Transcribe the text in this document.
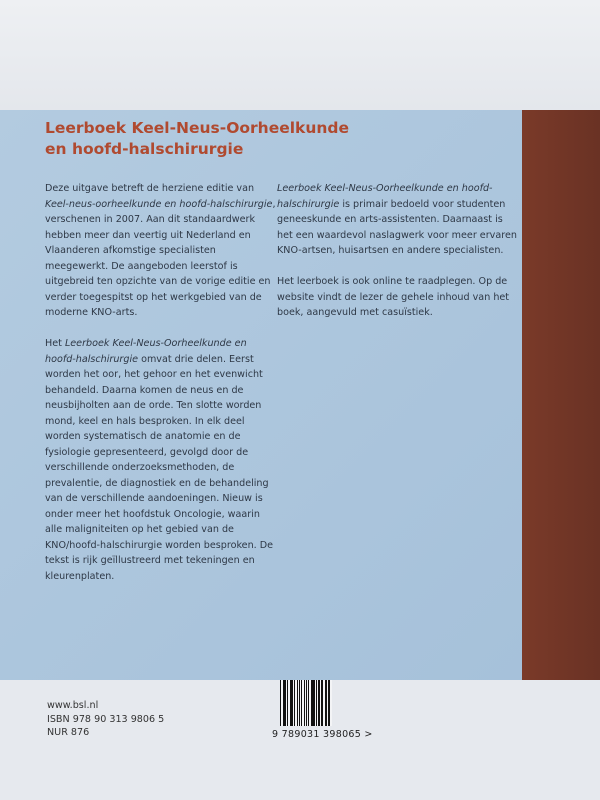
Leerboek Keel-Neus-Oorheelkunde
en hoofd-halschirurgie

Deze uitgave betreft de herziene editie van Keel-neus-oorheelkunde en hoofd-halschirurgie, verschenen in 2007. Aan dit standaardwerk hebben meer dan veertig uit Nederland en Vlaanderen afkomstige specialisten meegewerkt. De aangeboden leerstof is uitgebreid ten opzichte van de vorige editie en verder toegespitst op het werkgebied van de moderne KNO-arts.

Het Leerboek Keel-Neus-Oorheelkunde en hoofd-halschirurgie omvat drie delen. Eerst worden het oor, het gehoor en het evenwicht behandeld. Daarna komen de neus en de neusbijholten aan de orde. Ten slotte worden mond, keel en hals besproken. In elk deel worden systematisch de anatomie en de fysiologie gepresenteerd, gevolgd door de verschillende onderzoeksmethoden, de prevalentie, de diagnostiek en de behandeling van de verschillende aandoeningen. Nieuw is onder meer het hoofdstuk Oncologie, waarin alle maligniteiten op het gebied van de KNO/hoofd-halschirurgie worden besproken. De tekst is rijk geïllustreerd met tekeningen en kleurenplaten.

Leerboek Keel-Neus-Oorheelkunde en hoofd-halschirurgie is primair bedoeld voor studenten geneeskunde en arts-assistenten. Daarnaast is het een waardevol naslagwerk voor meer ervaren KNO-artsen, huisartsen en andere specialisten.

Het leerboek is ook online te raadplegen. Op de website vindt de lezer de gehele inhoud van het boek, aangevuld met casuïstiek.

www.bsl.nl
ISBN 978 90 313 9806 5
NUR 876	9 789031 398065 >
